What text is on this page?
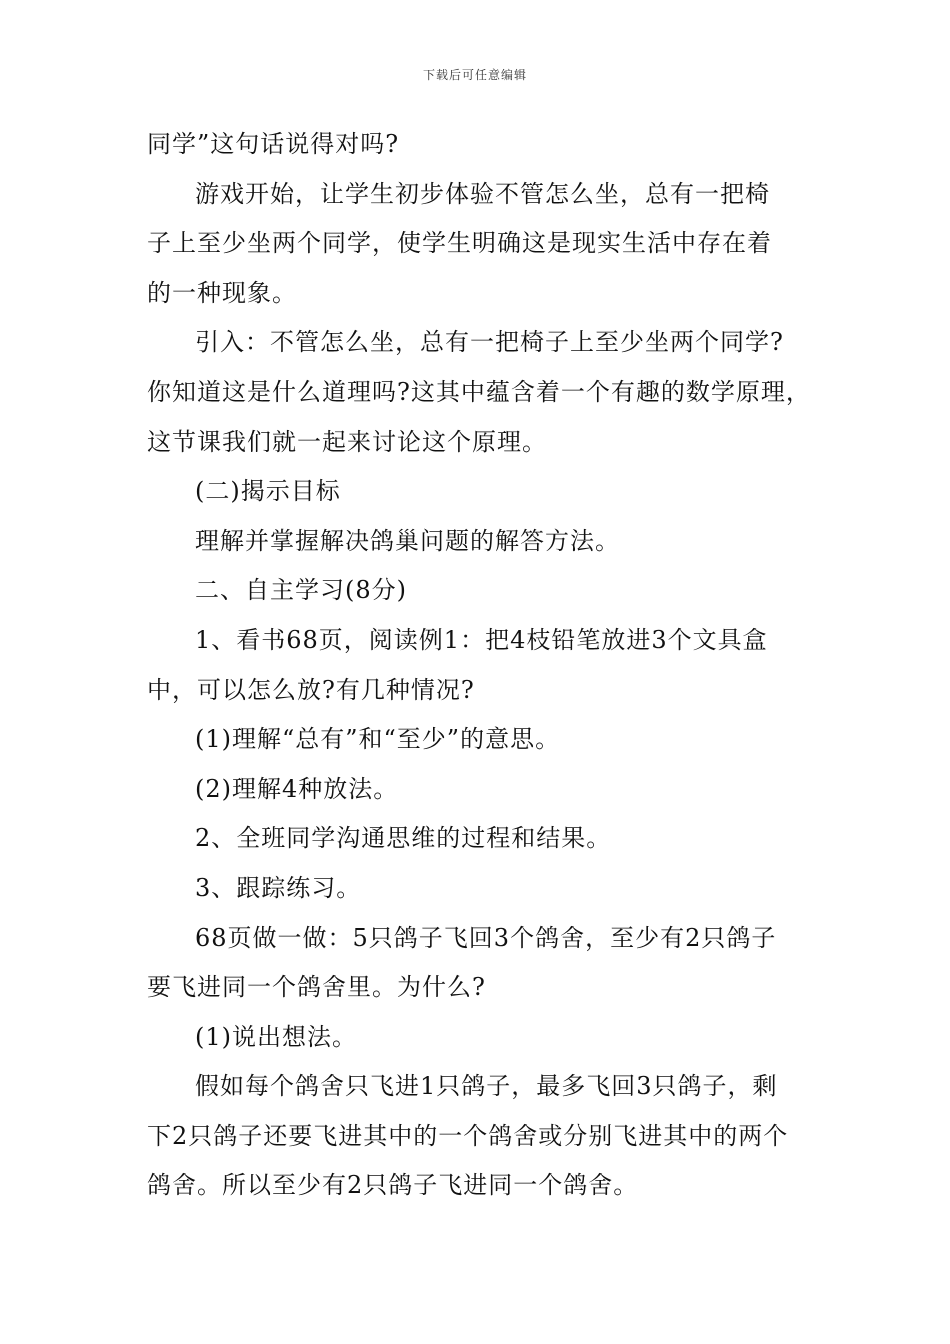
下载后可任意编辑
同学”这句话说得对吗?
游戏开始，让学生初步体验不管怎么坐，总有一把椅
子上至少坐两个同学，使学生明确这是现实生活中存在着
的一种现象。
引入：不管怎么坐，总有一把椅子上至少坐两个同学?
你知道这是什么道理吗?这其中蕴含着一个有趣的数学原理，
这节课我们就一起来讨论这个原理。
(二)揭示目标
理解并掌握解决鸽巢问题的解答方法。
二、自主学习(8分)
1、看书68页，阅读例1：把4枝铅笔放进3个文具盒
中，可以怎么放?有几种情况?
(1)理解“总有”和“至少”的意思。
(2)理解4种放法。
2、全班同学沟通思维的过程和结果。
3、跟踪练习。
68页做一做：5只鸽子飞回3个鸽舍，至少有2只鸽子
要飞进同一个鸽舍里。为什么?
(1)说出想法。
假如每个鸽舍只飞进1只鸽子，最多飞回3只鸽子，剩
下2只鸽子还要飞进其中的一个鸽舍或分别飞进其中的两个
鸽舍。所以至少有2只鸽子飞进同一个鸽舍。
